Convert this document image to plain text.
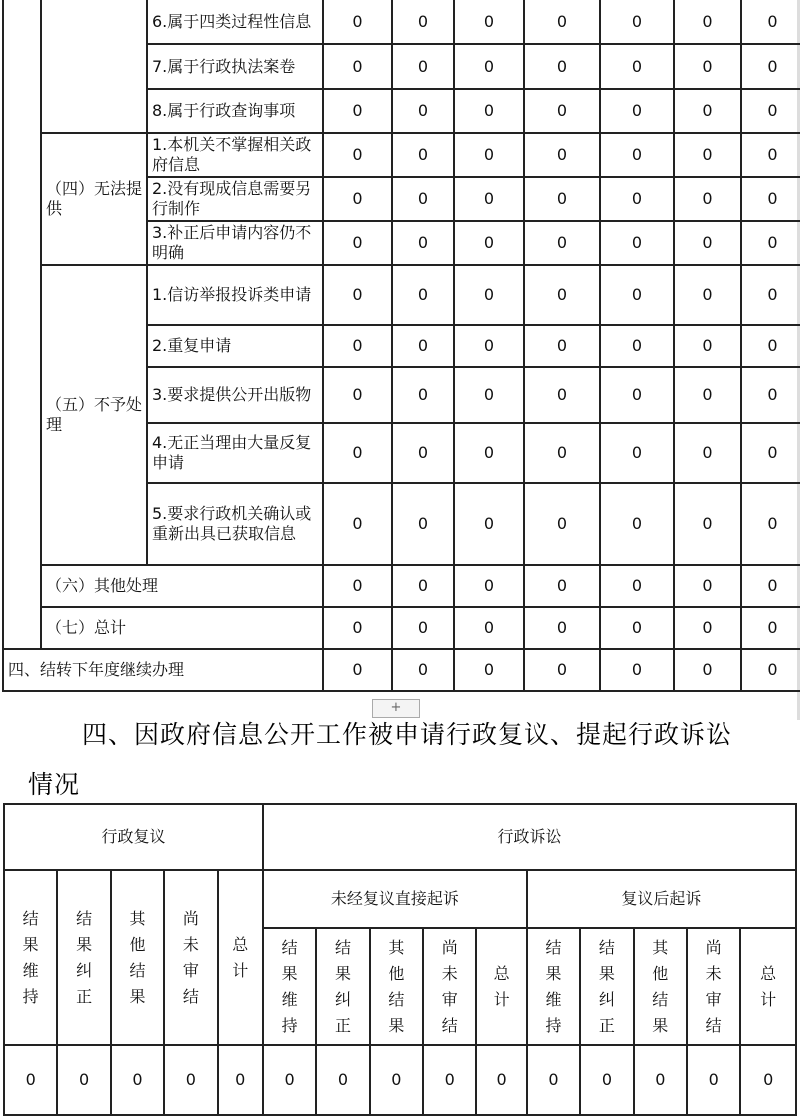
		6.属于四类过程性信息	0	0	0	0	0	0	0
		7.属于行政执法案卷	0	0	0	0	0	0	0
		8.属于行政查询事项	0	0	0	0	0	0	0
	（四）无法提供	1.本机关不掌握相关政府信息	0	0	0	0	0	0	0
		2.没有现成信息需要另行制作	0	0	0	0	0	0	0
		3.补正后申请内容仍不明确	0	0	0	0	0	0	0
	（五）不予处理	1.信访举报投诉类申请	0	0	0	0	0	0	0
		2.重复申请	0	0	0	0	0	0	0
		3.要求提供公开出版物	0	0	0	0	0	0	0
		4.无正当理由大量反复申请	0	0	0	0	0	0	0
		5.要求行政机关确认或重新出具已获取信息	0	0	0	0	0	0	0
	（六）其他处理		0	0	0	0	0	0	0
	（七）总计		0	0	0	0	0	0	0
四、结转下年度继续办理			0	0	0	0	0	0	0
+
四、因政府信息公开工作被申请行政复议、提起行政诉讼
情况
行政复议					行政诉讼									
结果维持	结果纠正	其他结果	尚未审结	总计	未经复议直接起诉					复议后起诉				
					结果维持	结果纠正	其他结果	尚未审结	总计	结果维持	结果纠正	其他结果	尚未审结	总计
0	0	0	0	0	0	0	0	0	0	0	0	0	0	0
